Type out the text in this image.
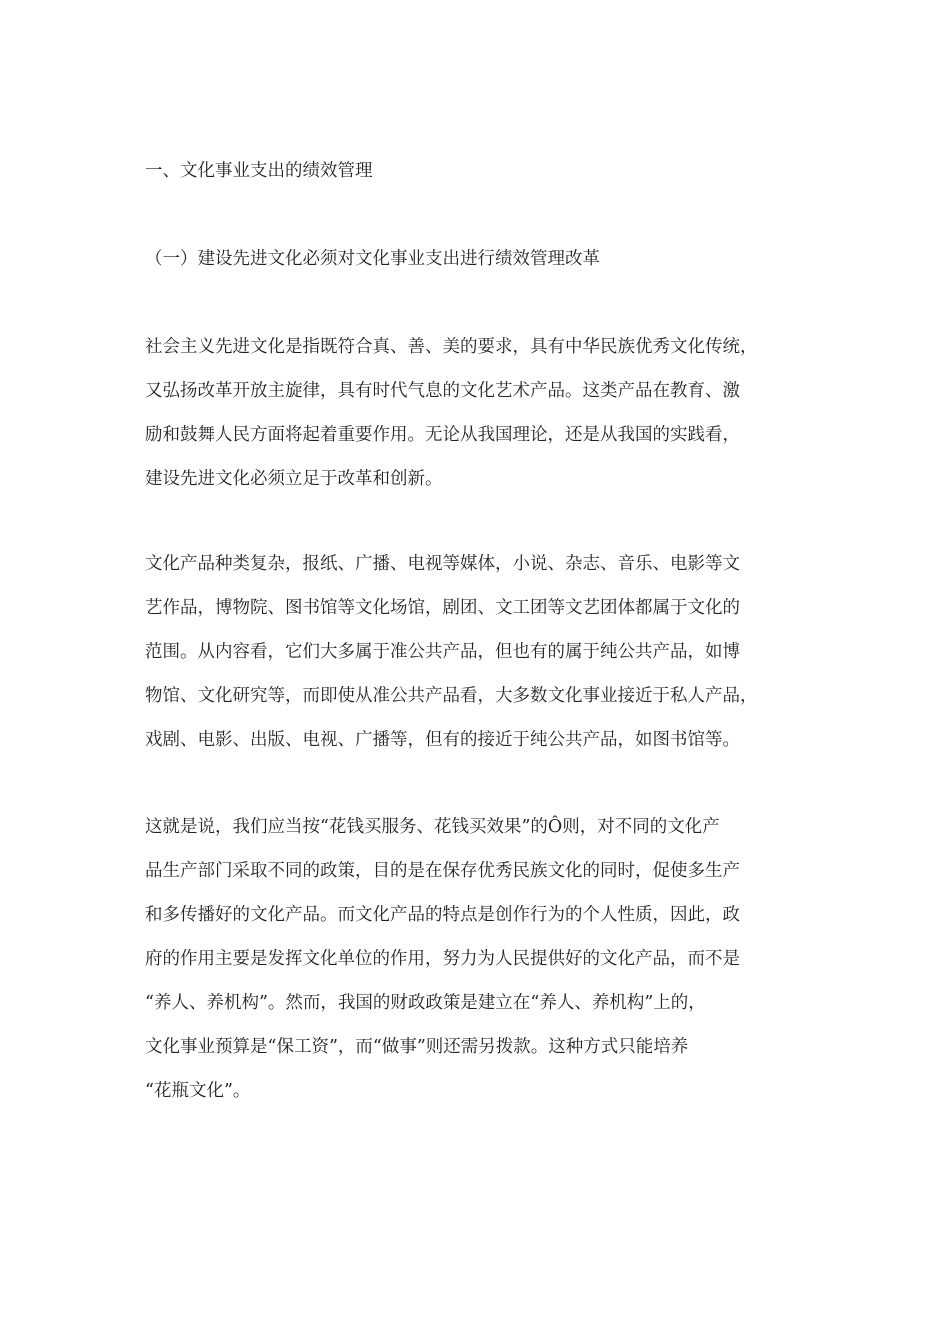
一、文化事业支出的绩效管理
（一）建设先进文化必须对文化事业支出进行绩效管理改革
社会主义先进文化是指既符合真、善、美的要求，具有中华民族优秀文化传统，
又弘扬改革开放主旋律，具有时代气息的文化艺术产品。这类产品在教育、激
励和鼓舞人民方面将起着重要作用。无论从我国理论，还是从我国的实践看，
建设先进文化必须立足于改革和创新。
文化产品种类复杂，报纸、广播、电视等媒体，小说、杂志、音乐、电影等文
艺作品，博物院、图书馆等文化场馆，剧团、文工团等文艺团体都属于文化的
范围。从内容看，它们大多属于准公共产品，但也有的属于纯公共产品，如博
物馆、文化研究等，而即使从准公共产品看，大多数文化事业接近于私人产品，
戏剧、电影、出版、电视、广播等，但有的接近于纯公共产品，如图书馆等。
这就是说，我们应当按“花钱买服务、花钱买效果”的Ô则，对不同的文化产
品生产部门采取不同的政策，目的是在保存优秀民族文化的同时，促使多生产
和多传播好的文化产品。而文化产品的特点是创作行为的个人性质，因此，政
府的作用主要是发挥文化单位的作用，努力为人民提供好的文化产品，而不是
“养人、养机构”。然而，我国的财政政策是建立在“养人、养机构”上的，
文化事业预算是“保工资”，而“做事”则还需另拨款。这种方式只能培养
“花瓶文化”。
